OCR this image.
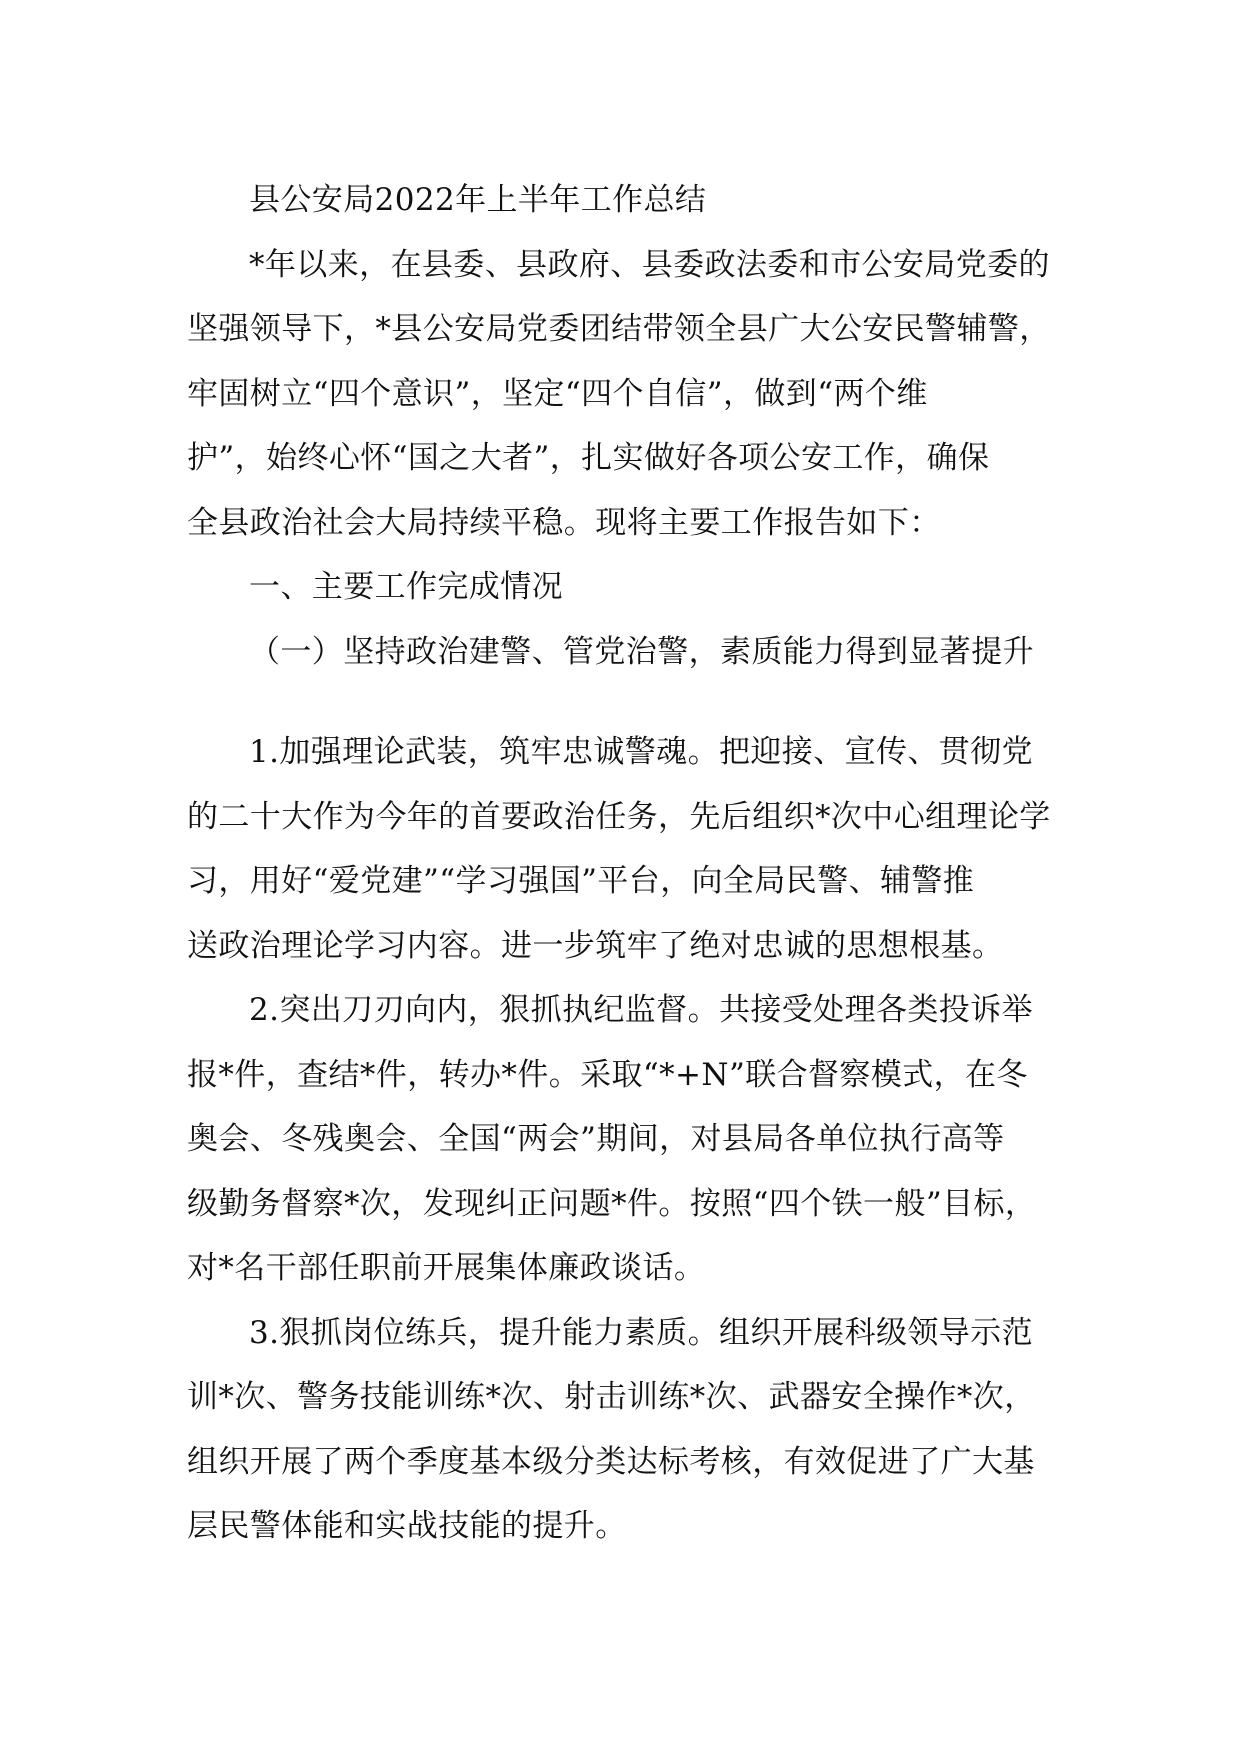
县公安局2022年上半年工作总结

*年以来，在县委、县政府、县委政法委和市公安局党委的

坚强领导下，*县公安局党委团结带领全县广大公安民警辅警，

牢固树立“四个意识”，坚定“四个自信”，做到“两个维

护”，始终心怀“国之大者”，扎实做好各项公安工作，确保

全县政治社会大局持续平稳。现将主要工作报告如下：

一、主要工作完成情况

（一）坚持政治建警、管党治警，素质能力得到显著提升

1.加强理论武装，筑牢忠诚警魂。把迎接、宣传、贯彻党

的二十大作为今年的首要政治任务，先后组织*次中心组理论学

习，用好“爱党建”“学习强国”平台，向全局民警、辅警推

送政治理论学习内容。进一步筑牢了绝对忠诚的思想根基。

2.突出刀刃向内，狠抓执纪监督。共接受处理各类投诉举

报*件，查结*件，转办*件。采取“*+N”联合督察模式，在冬

奥会、冬残奥会、全国“两会”期间，对县局各单位执行高等

级勤务督察*次，发现纠正问题*件。按照“四个铁一般”目标，

对*名干部任职前开展集体廉政谈话。

3.狠抓岗位练兵，提升能力素质。组织开展科级领导示范

训*次、警务技能训练*次、射击训练*次、武器安全操作*次，

组织开展了两个季度基本级分类达标考核，有效促进了广大基

层民警体能和实战技能的提升。
